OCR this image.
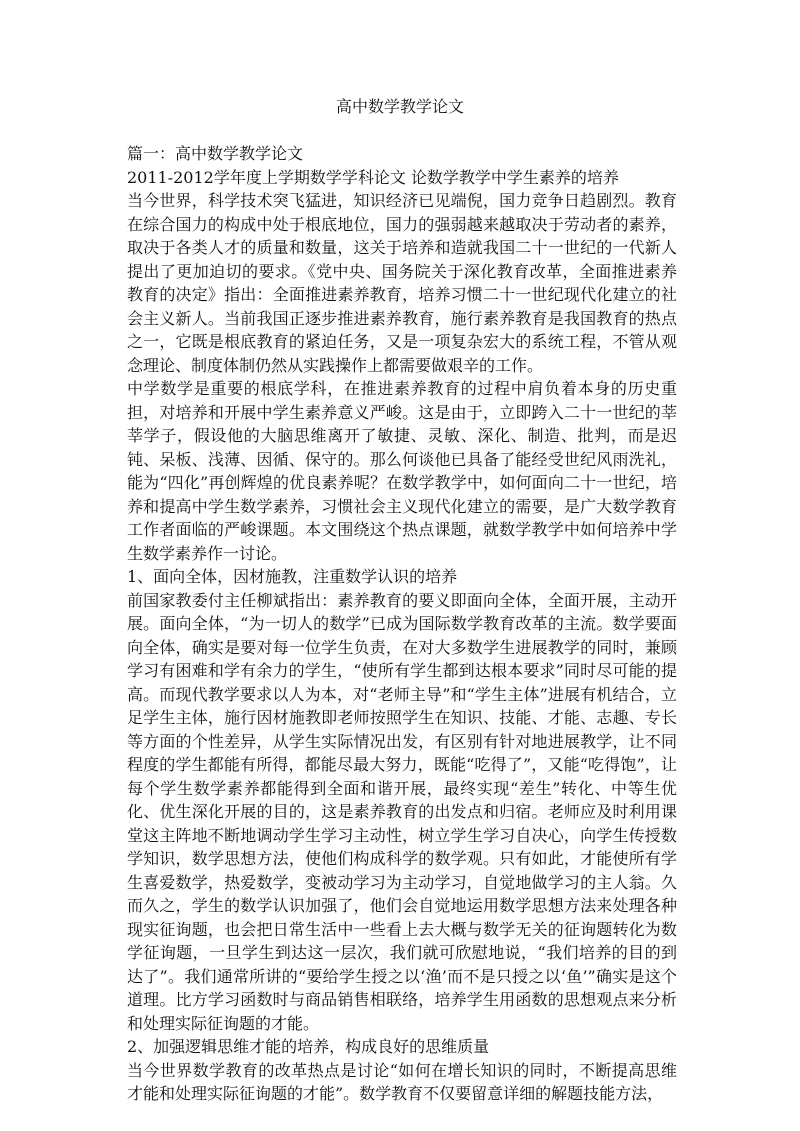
高中数学教学论文

篇一：高中数学教学论文

2011-2012学年度上学期数学学科论文 论数学教学中学生素养的培养

当今世界，科学技术突飞猛进，知识经济已见端倪，国力竞争日趋剧烈。教育在综合国力的构成中处于根底地位，国力的强弱越来越取决于劳动者的素养，取决于各类人才的质量和数量，这关于培养和造就我国二十一世纪的一代新人提出了更加迫切的要求。《党中央、国务院关于深化教育改革，全面推进素养教育的决定》指出：全面推进素养教育，培养习惯二十一世纪现代化建立的社会主义新人。当前我国正逐步推进素养教育，施行素养教育是我国教育的热点之一，它既是根底教育的紧迫任务，又是一项复杂宏大的系统工程，不管从观念理论、制度体制仍然从实践操作上都需要做艰辛的工作。

中学数学是重要的根底学科，在推进素养教育的过程中肩负着本身的历史重担，对培养和开展中学生素养意义严峻。这是由于，立即跨入二十一世纪的莘莘学子，假设他的大脑思维离开了敏捷、灵敏、深化、制造、批判，而是迟钝、呆板、浅薄、因循、保守的。那么何谈他已具备了能经受世纪风雨洗礼，能为“四化”再创辉煌的优良素养呢？在数学教学中，如何面向二十一世纪，培养和提高中学生数学素养，习惯社会主义现代化建立的需要，是广大数学教育工作者面临的严峻课题。本文围绕这个热点课题，就数学教学中如何培养中学生数学素养作一讨论。

1、面向全体，因材施教，注重数学认识的培养

前国家教委付主任柳斌指出：素养教育的要义即面向全体，全面开展，主动开展。面向全体，“为一切人的数学”已成为国际数学教育改革的主流。数学要面向全体，确实是要对每一位学生负责，在对大多数学生进展教学的同时，兼顾学习有困难和学有余力的学生，“使所有学生都到达根本要求”同时尽可能的提高。而现代教学要求以人为本，对“老师主导”和“学生主体”进展有机结合，立足学生主体，施行因材施教即老师按照学生在知识、技能、才能、志趣、专长等方面的个性差异，从学生实际情况出发，有区别有针对地进展教学，让不同程度的学生都能有所得，都能尽最大努力，既能“吃得了”，又能“吃得饱”，让每个学生数学素养都能得到全面和谐开展，最终实现“差生”转化、中等生优化、优生深化开展的目的，这是素养教育的出发点和归宿。老师应及时利用课堂这主阵地不断地调动学生学习主动性，树立学生学习自决心，向学生传授数学知识，数学思想方法，使他们构成科学的数学观。只有如此，才能使所有学生喜爱数学，热爱数学，变被动学习为主动学习，自觉地做学习的主人翁。久而久之，学生的数学认识加强了，他们会自觉地运用数学思想方法来处理各种现实征询题，也会把日常生活中一些看上去大概与数学无关的征询题转化为数学征询题，一旦学生到达这一层次，我们就可欣慰地说，“我们培养的目的到达了”。我们通常所讲的“要给学生授之以‘渔’而不是只授之以‘鱼’”确实是这个道理。比方学习函数时与商品销售相联络，培养学生用函数的思想观点来分析和处理实际征询题的才能。

2、加强逻辑思维才能的培养，构成良好的思维质量

当今世界数学教育的改革热点是讨论“如何在增长知识的同时，不断提高思维才能和处理实际征询题的才能”。数学教育不仅要留意详细的解题技能方法，
